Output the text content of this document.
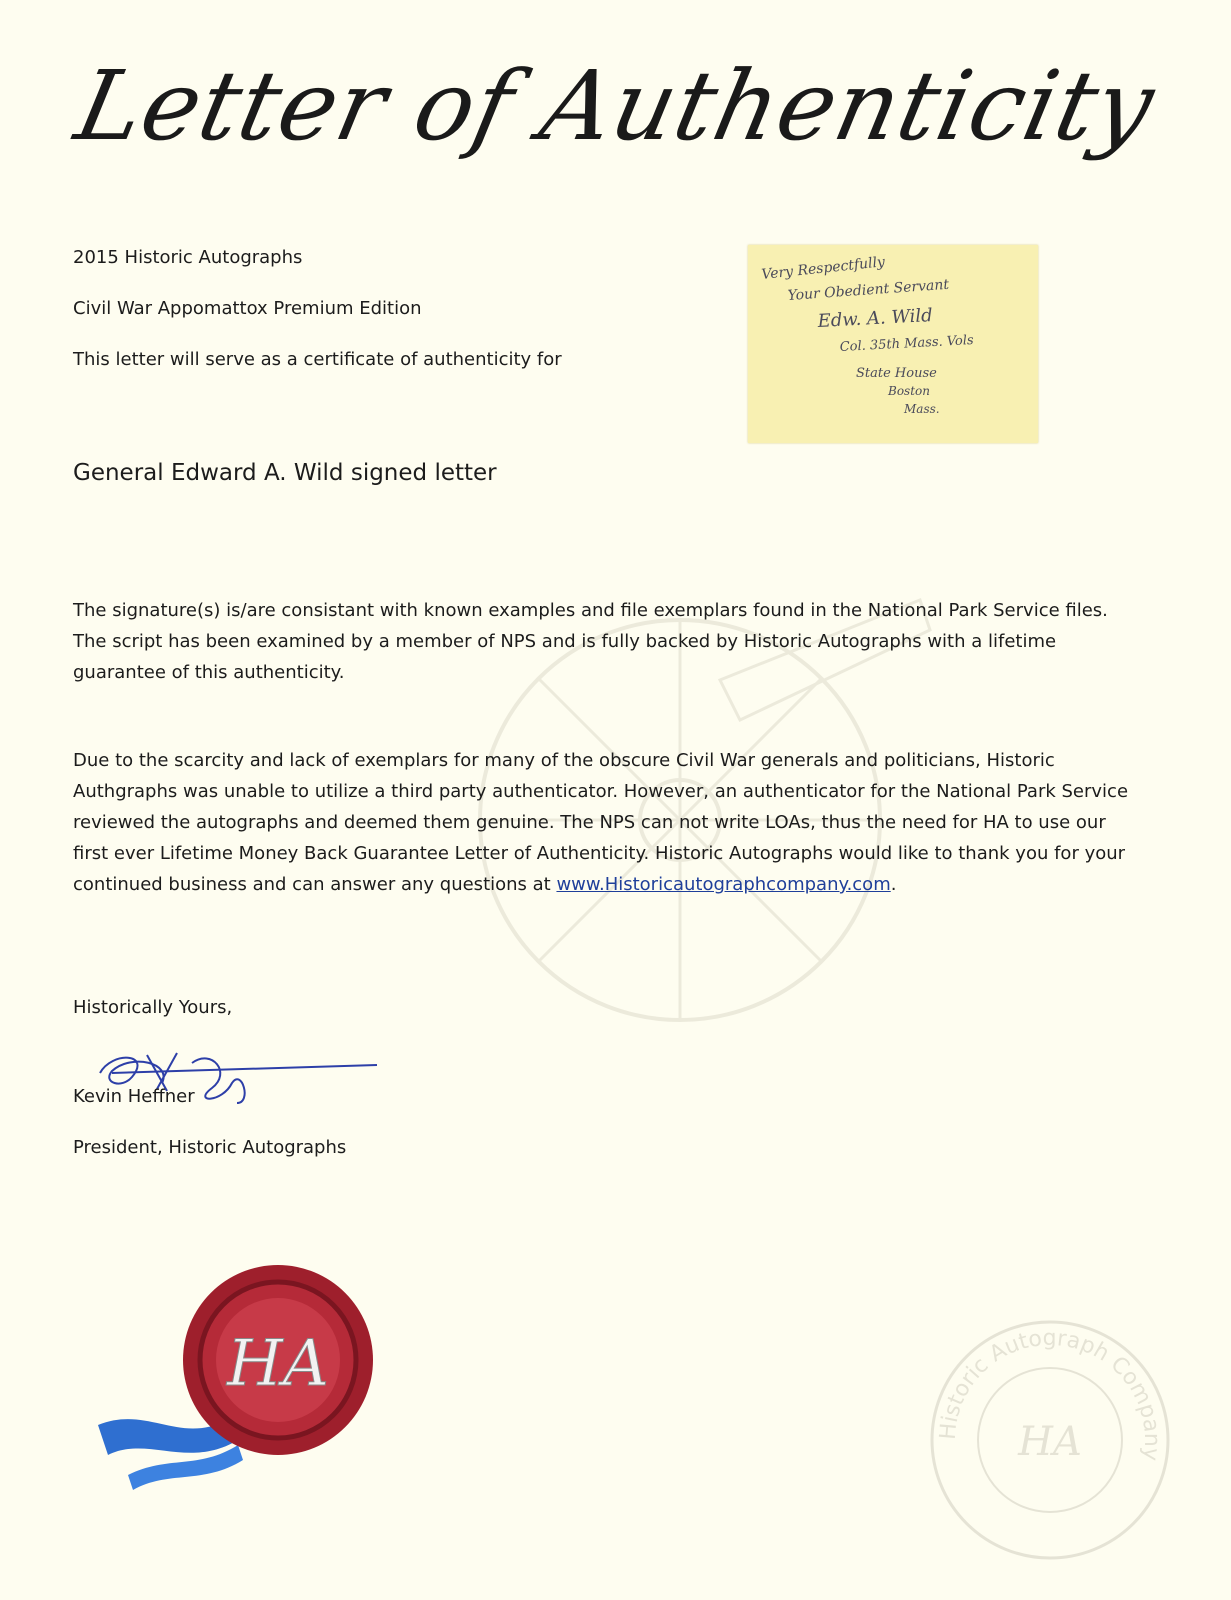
Letter of Authenticity
2015 Historic Autographs
Civil War Appomattox Premium Edition
This letter will serve as a certificate of authenticity for
Very Respectfully
Your Obedient Servant
Edw. A. Wild
Col. 35th Mass. Vols
State House
Boston
Mass.
General Edward A. Wild signed letter
The signature(s) is/are consistant with known examples and file exemplars found in the National Park Service files. The script has been examined by a member of NPS and is fully backed by Historic Autographs with a lifetime guarantee of this authenticity.
Due to the scarcity and lack of exemplars for many of the obscure Civil War generals and politicians, Historic Authgraphs was unable to utilize a third party authenticator. However, an authenticator for the National Park Service reviewed the autographs and deemed them genuine. The NPS can not write LOAs, thus the need for HA to use our first ever Lifetime Money Back Guarantee Letter of Authenticity. Historic Autographs would like to thank you for your continued business and can answer any questions at www.Historicautographcompany.com.
Historically Yours,
Kevin Heffner
President, Historic Autographs
HA
Historic Autograph Company
HA
